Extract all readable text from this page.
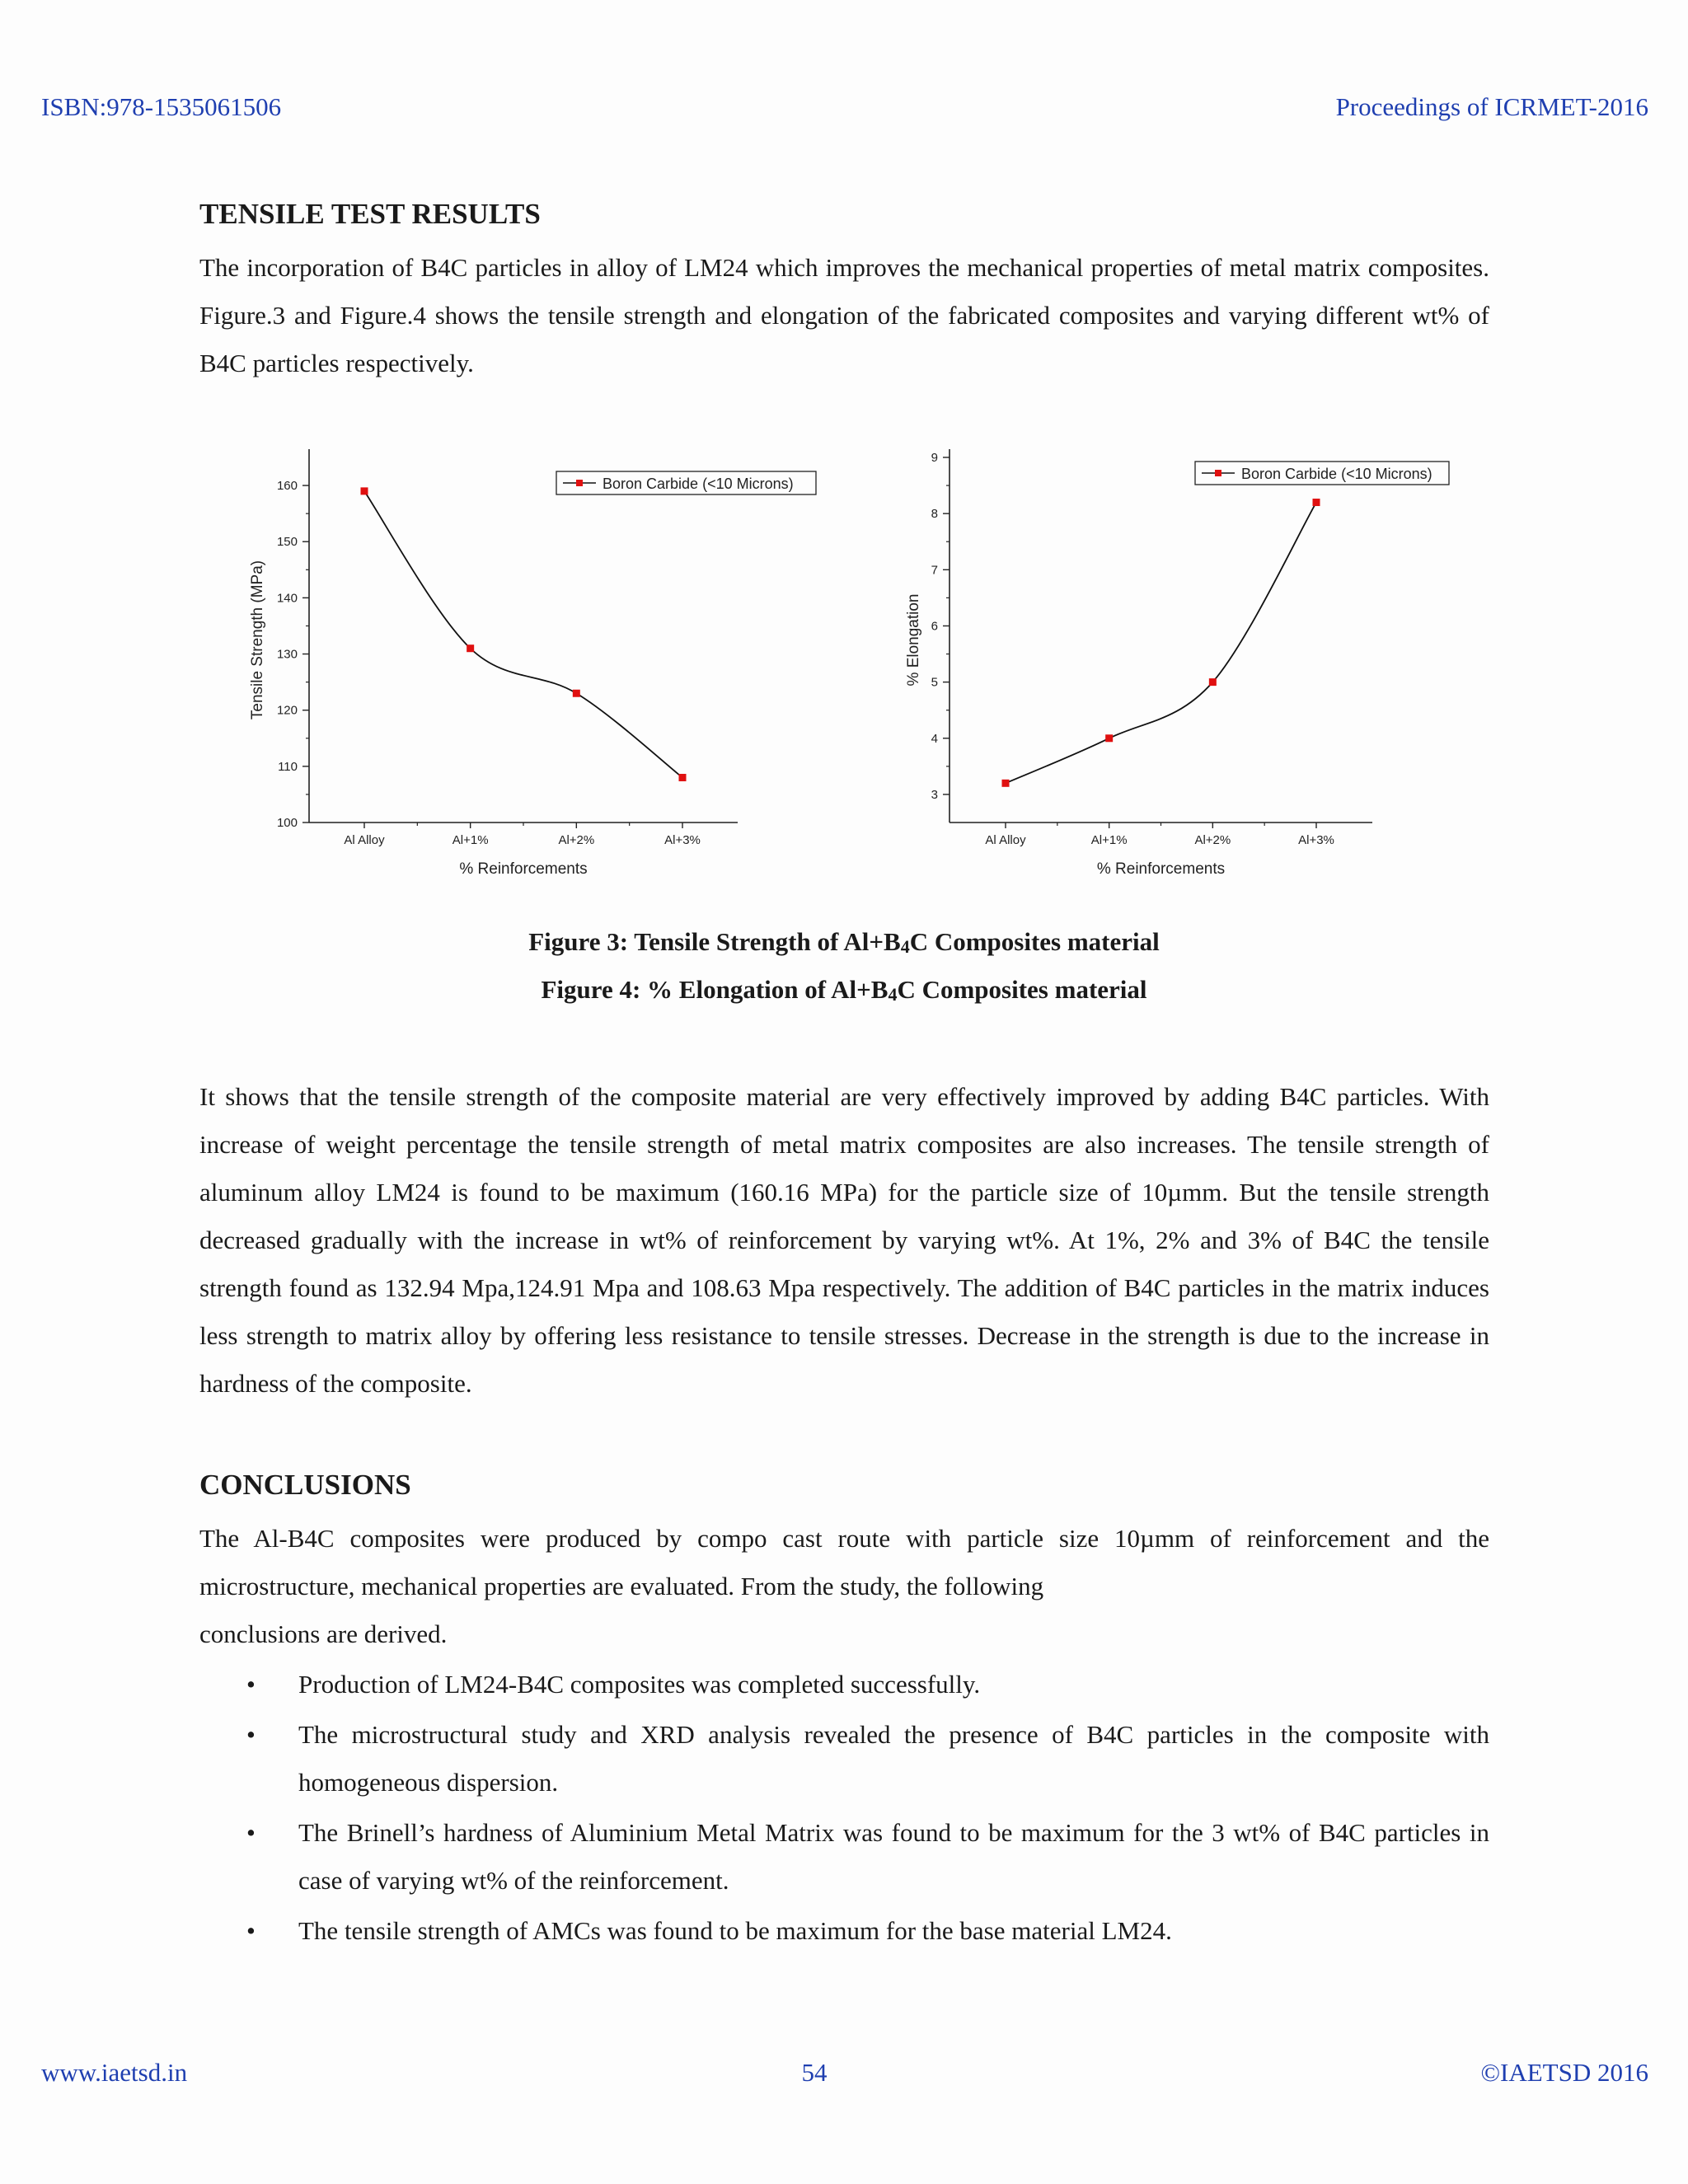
ISBN:978-1535061506	Proceedings of ICRMET-2016
TENSILE TEST RESULTS

The incorporation of B4C particles in alloy of LM24 which improves the mechanical properties of metal matrix composites. Figure.3 and Figure.4 shows the tensile strength and elongation of the fabricated composites and varying different wt% of B4C particles respectively.

100
110
120
130
140
150
160
Al Alloy	Al+1%	Al+2%	Al+3%
% Reinforcements
Tensile Strength (MPa)
Boron Carbide (<10 Microns)
3
4
5
6
7
8
9
Al Alloy	Al+1%	Al+2%	Al+3%
% Reinforcements
% Elongation
Boron Carbide (<10 Microns)
Figure 3: Tensile Strength of $Al+B_4C$ Composites material
Figure 4: % Elongation of $Al+B_4C$ Composites material

It shows that the tensile strength of the composite material are very effectively improved by adding B4C particles. With increase of weight percentage the tensile strength of metal matrix composites are also increases. The tensile strength of aluminum alloy LM24 is found to be maximum (160.16 MPa) for the particle size of 10µmm. But the tensile strength decreased gradually with the increase in wt% of reinforcement by varying wt%. At 1%, 2% and 3% of B4C the tensile strength found as 132.94 Mpa,124.91 Mpa and 108.63 Mpa respectively. The addition of B4C particles in the matrix induces less strength to matrix alloy by offering less resistance to tensile stresses. Decrease in the strength is due to the increase in hardness of the composite.

CONCLUSIONS

The Al-B4C composites were produced by compo cast route with particle size 10µmm of reinforcement and the microstructure, mechanical properties are evaluated. From the study, the following

conclusions are derived.

• Production of LM24-B4C composites was completed successfully.
• The microstructural study and XRD analysis revealed the presence of B4C particles in the composite with homogeneous dispersion.
• The Brinell’s hardness of Aluminium Metal Matrix was found to be maximum for the 3 wt% of B4C particles in case of varying wt% of the reinforcement.
• The tensile strength of AMCs was found to be maximum for the base material LM24.
www.iaetsd.in	54	©IAETSD 2016
